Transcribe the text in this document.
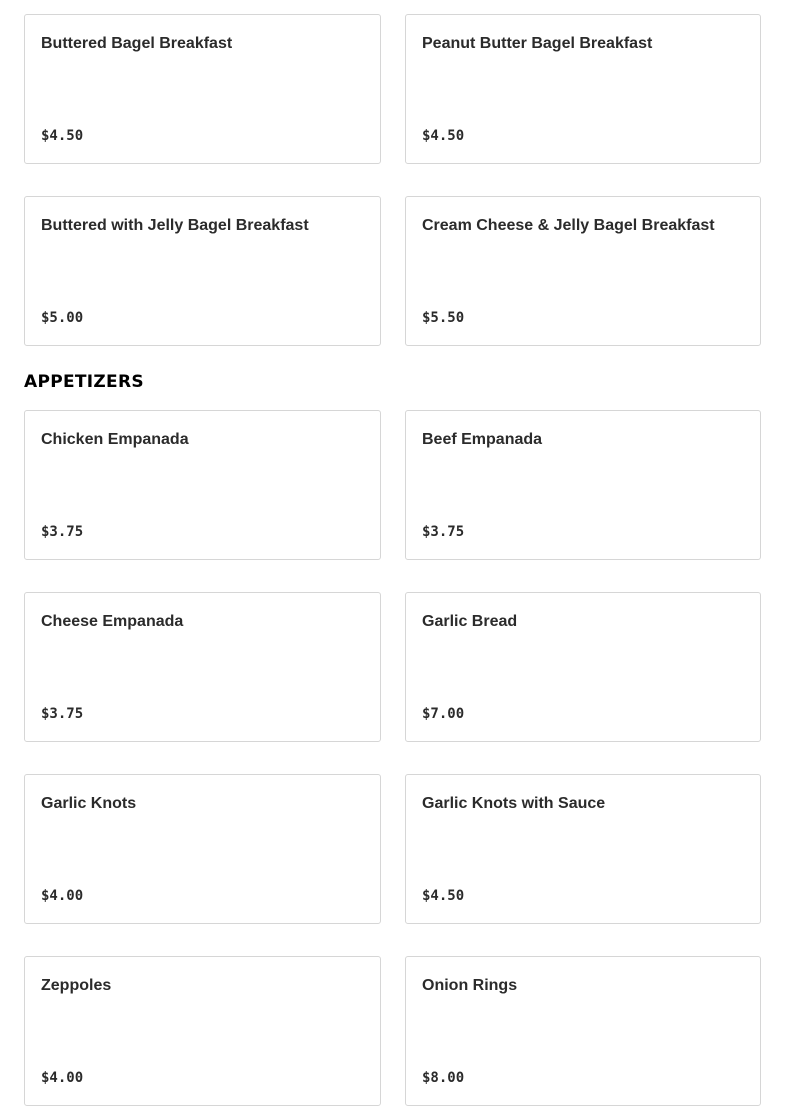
Buttered Bagel Breakfast
$4.50
Peanut Butter Bagel Breakfast
$4.50
Buttered with Jelly Bagel Breakfast
$5.00
Cream Cheese & Jelly Bagel Breakfast
$5.50
APPETIZERS
Chicken Empanada
$3.75
Beef Empanada
$3.75
Cheese Empanada
$3.75
Garlic Bread
$7.00
Garlic Knots
$4.00
Garlic Knots with Sauce
$4.50
Zeppoles
$4.00
Onion Rings
$8.00
